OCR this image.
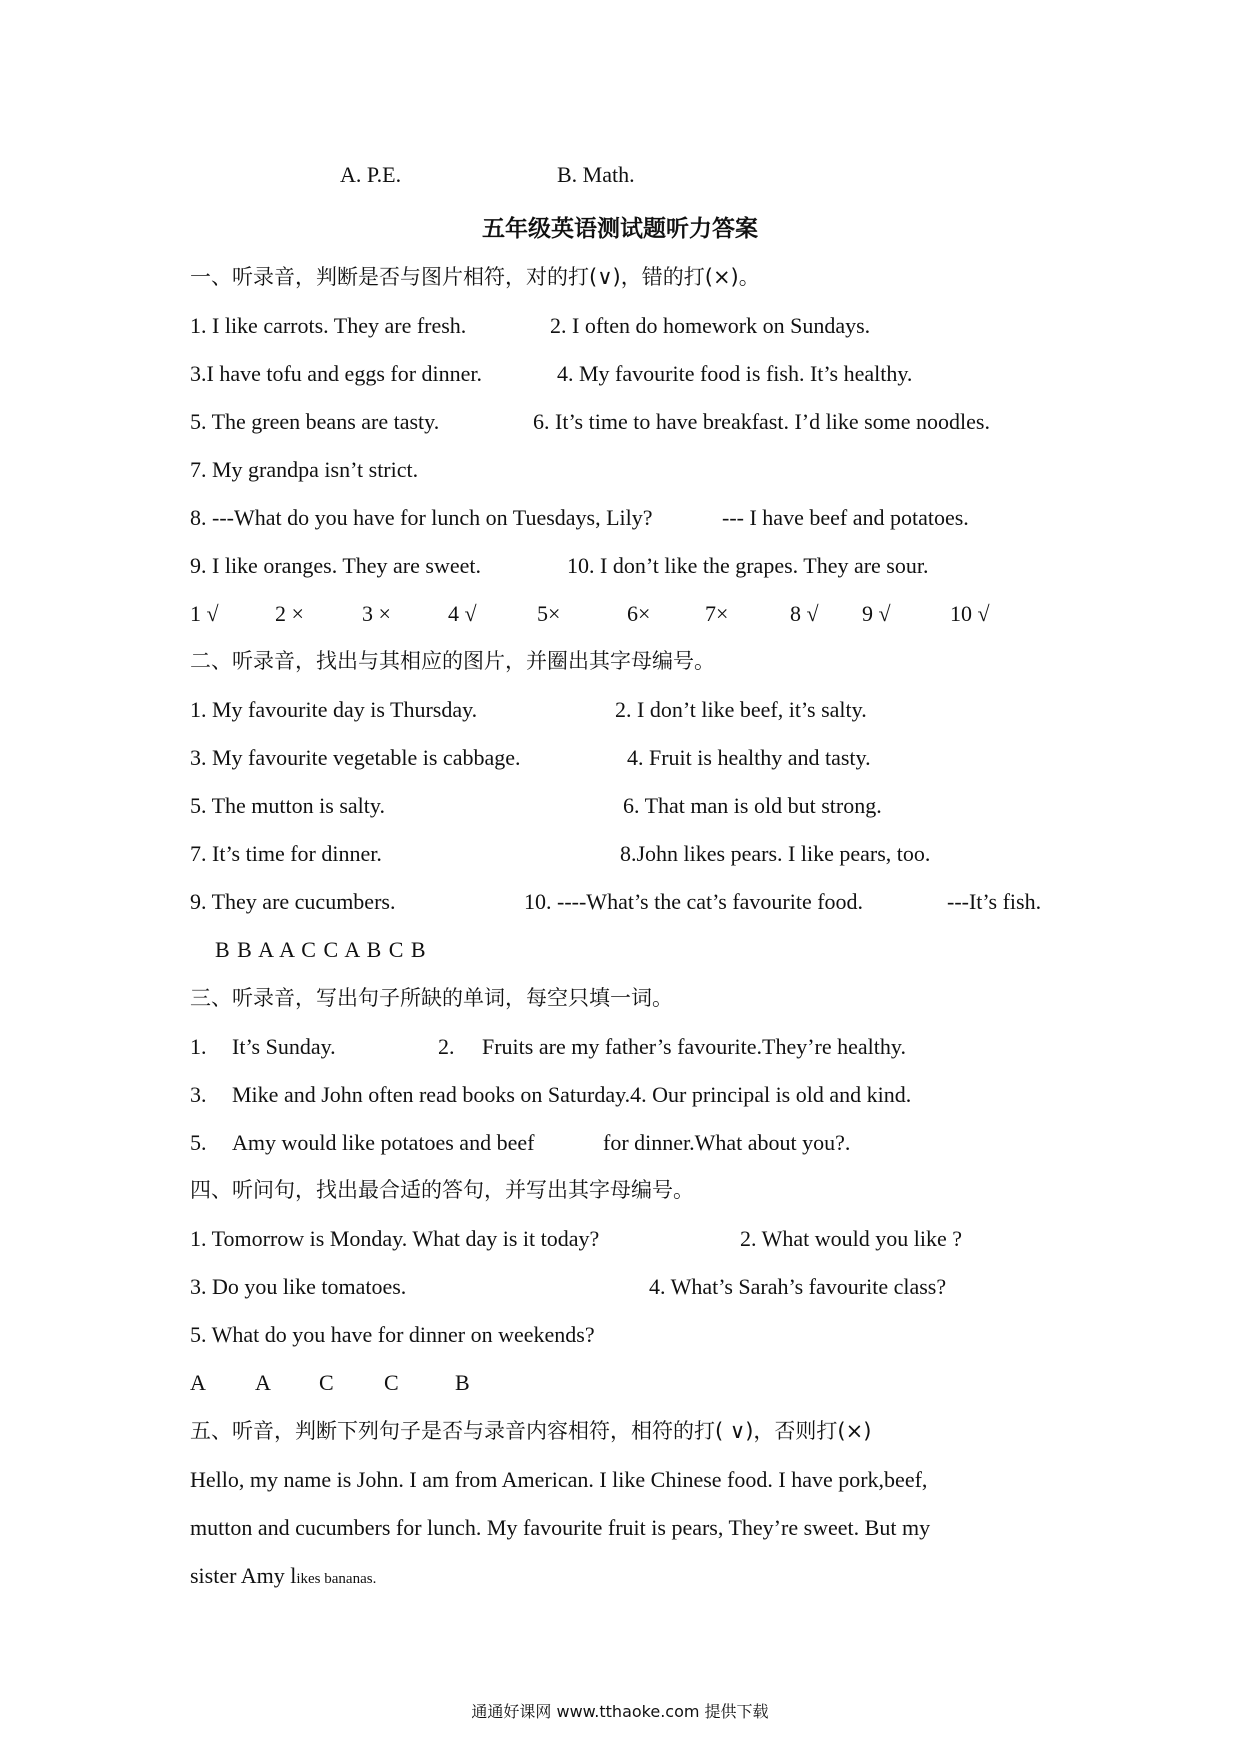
A. P.E.	B. Math.
五年级英语测试题听力答案
一、听录音，判断是否与图片相符，对的打(∨)，错的打(×)。
1. I like carrots. They are fresh.	2. I often do homework on Sundays.
3.I have tofu and eggs for dinner.	4. My favourite food is fish. It’s healthy.
5. The green beans are tasty.	6. It’s time to have breakfast. I’d like some noodles.
7. My grandpa isn’t strict.
8. ---What do you have for lunch on Tuesdays, Lily?	--- I have beef and potatoes.
9. I like oranges. They are sweet.	10. I don’t like the grapes. They are sour.
1 √	2 ×	3 ×	4 √	5×	6× 7×	8 √ 9 √	10 √
二、听录音，找出与其相应的图片，并圈出其字母编号。
1. My favourite day is Thursday.	2. I don’t like beef, it’s salty.
3. My favourite vegetable is cabbage.	4. Fruit is healthy and tasty.
5. The mutton is salty.	6. That man is old but strong.
7. It’s time for dinner.	8.John likes pears. I like pears, too.
9. They are cucumbers.	10. ----What’s the cat’s favourite food.	---It’s fish.
B B A A C C A B C B
三、听录音，写出句子所缺的单词，每空只填一词。
1. It’s Sunday.	2. Fruits are my father’s favourite.They’re healthy.
3. Mike and John often read books on Saturday.4. Our principal is old and kind.
5. Amy would like potatoes and beef	for dinner.What about you?.
四、听问句，找出最合适的答句，并写出其字母编号。
1. Tomorrow is Monday. What day is it today?	2. What would you like ?
3. Do you like tomatoes.	4. What’s Sarah’s favourite class?
5. What do you have for dinner on weekends?
A A C C	B
五、听音，判断下列句子是否与录音内容相符，相符的打( ∨)，否则打(×)
Hello, my name is John. I am from American. I like Chinese food. I have pork,beef,
mutton and cucumbers for lunch. My favourite fruit is pears, They’re sweet. But my
sister Amy likes bananas.
通通好课网 www.tthaoke.com 提供下载
